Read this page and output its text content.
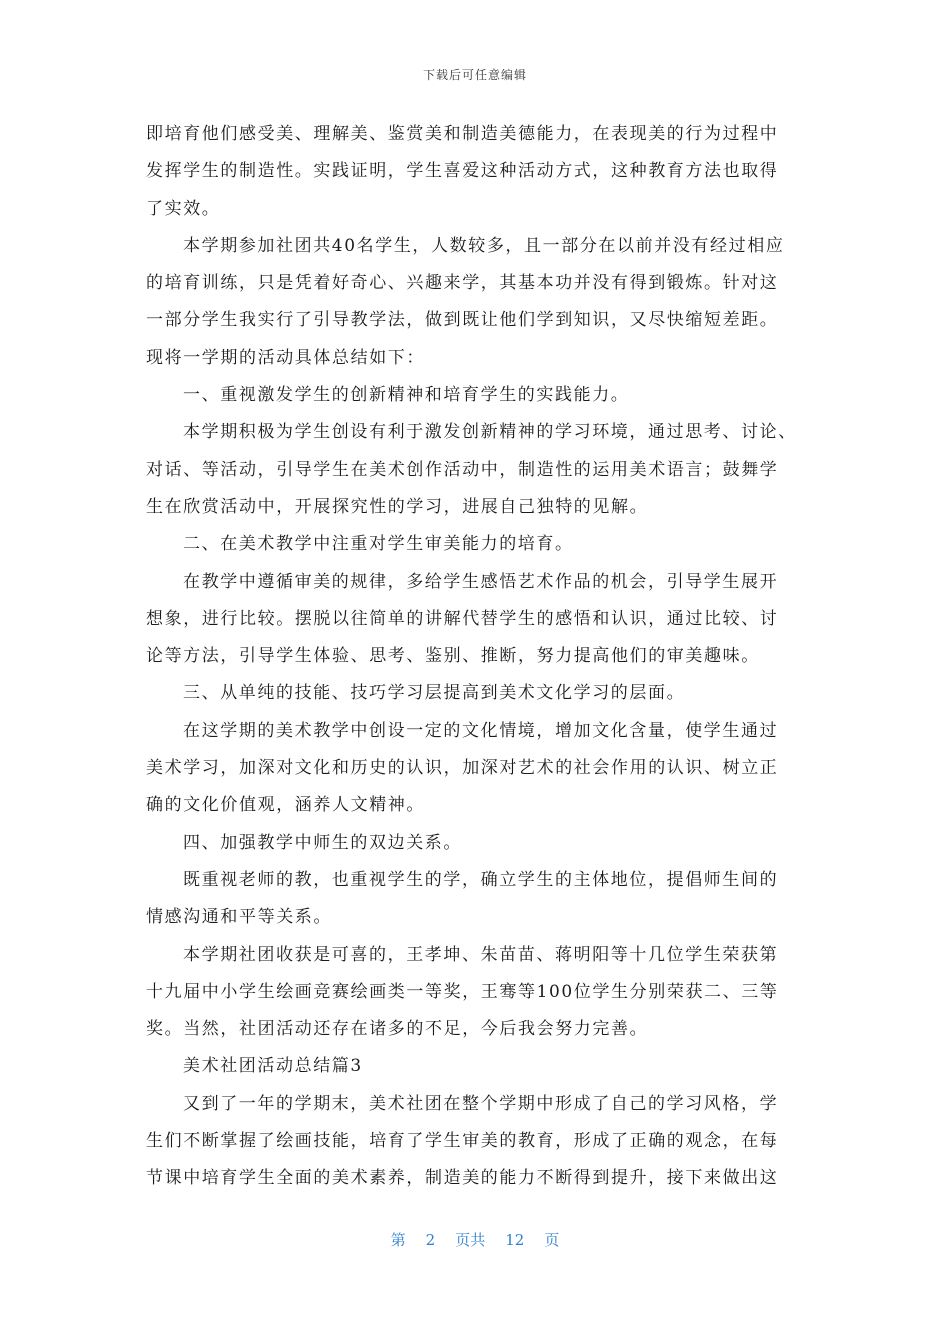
下载后可任意编辑
即培育他们感受美、理解美、鉴赏美和制造美德能力，在表现美的行为过程中
发挥学生的制造性。实践证明，学生喜爱这种活动方式，这种教育方法也取得
了实效。
本学期参加社团共40名学生，人数较多，且一部分在以前并没有经过相应
的培育训练，只是凭着好奇心、兴趣来学，其基本功并没有得到锻炼。针对这
一部分学生我实行了引导教学法，做到既让他们学到知识，又尽快缩短差距。
现将一学期的活动具体总结如下：
一、重视激发学生的创新精神和培育学生的实践能力。
本学期积极为学生创设有利于激发创新精神的学习环境，通过思考、讨论、
对话、等活动，引导学生在美术创作活动中，制造性的运用美术语言；鼓舞学
生在欣赏活动中，开展探究性的学习，进展自己独特的见解。
二、在美术教学中注重对学生审美能力的培育。
在教学中遵循审美的规律，多给学生感悟艺术作品的机会，引导学生展开
想象，进行比较。摆脱以往简单的讲解代替学生的感悟和认识，通过比较、讨
论等方法，引导学生体验、思考、鉴别、推断，努力提高他们的审美趣味。
三、从单纯的技能、技巧学习层提高到美术文化学习的层面。
在这学期的美术教学中创设一定的文化情境，增加文化含量，使学生通过
美术学习，加深对文化和历史的认识，加深对艺术的社会作用的认识、树立正
确的文化价值观，涵养人文精神。
四、加强教学中师生的双边关系。
既重视老师的教，也重视学生的学，确立学生的主体地位，提倡师生间的
情感沟通和平等关系。
本学期社团收获是可喜的，王孝坤、朱苗苗、蒋明阳等十几位学生荣获第
十九届中小学生绘画竞赛绘画类一等奖，王骞等100位学生分别荣获二、三等
奖。当然，社团活动还存在诸多的不足，今后我会努力完善。
美术社团活动总结篇3
又到了一年的学期末，美术社团在整个学期中形成了自己的学习风格，学
生们不断掌握了绘画技能，培育了学生审美的教育，形成了正确的观念，在每
节课中培育学生全面的美术素养，制造美的能力不断得到提升，接下来做出这
第 2 页共 12 页
